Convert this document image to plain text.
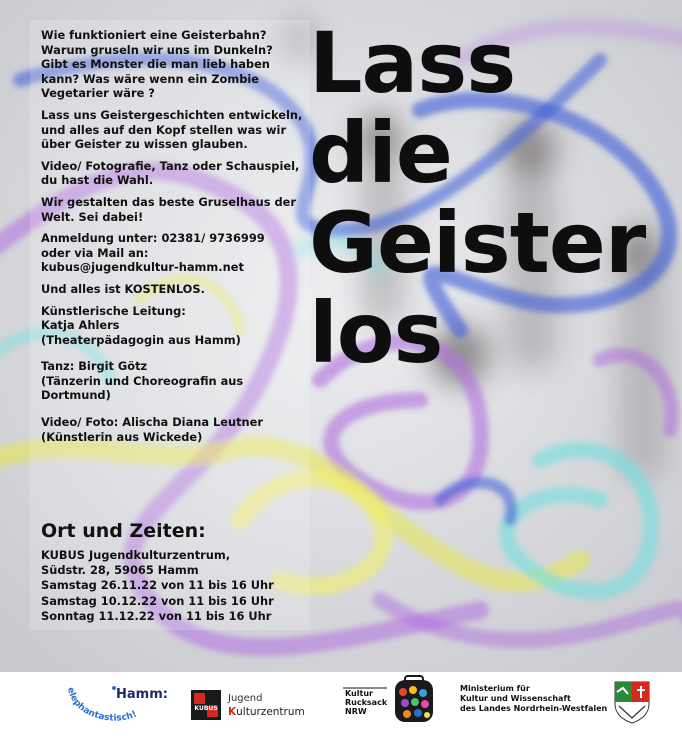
Wie funktioniert eine Geisterbahn?
Warum gruseln wir uns im Dunkeln?
Gibt es Monster die man lieb haben
kann? Was wäre wenn ein Zombie
Vegetarier wäre ?

Lass uns Geistergeschichten entwickeln,
und alles auf den Kopf stellen was wir
über Geister zu wissen glauben.

Video/ Fotografie, Tanz oder Schauspiel,
du hast die Wahl.

Wir gestalten das beste Gruselhaus der
Welt. Sei dabei!

Anmeldung unter: 02381/ 9736999
oder via Mail an:
kubus@jugendkultur-hamm.net

Und alles ist KOSTENLOS.

Künstlerische Leitung:
Katja Ahlers
(Theaterpädagogin aus Hamm)

Tanz: Birgit Götz
(Tänzerin und Choreografin aus
Dortmund)

Video/ Foto: Alischa Diana Leutner
(Künstlerin aus Wickede)

Lass
die
Geister
los
Ort und Zeiten:
KUBUS Jugendkulturzentrum,
Südstr. 28, 59065 Hamm
Samstag 26.11.22 von 11 bis 16 Uhr
Samstag 10.12.22 von 11 bis 16 Uhr
Sonntag 11.12.22 von 11 bis 16 Uhr
elephantastisch!
Hamm:
KUBUS
Jugend
Kulturzentrum
Kultur
Rucksack
NRW
Ministerium für
Kultur und Wissenschaft
des Landes Nordrhein-Westfalen
